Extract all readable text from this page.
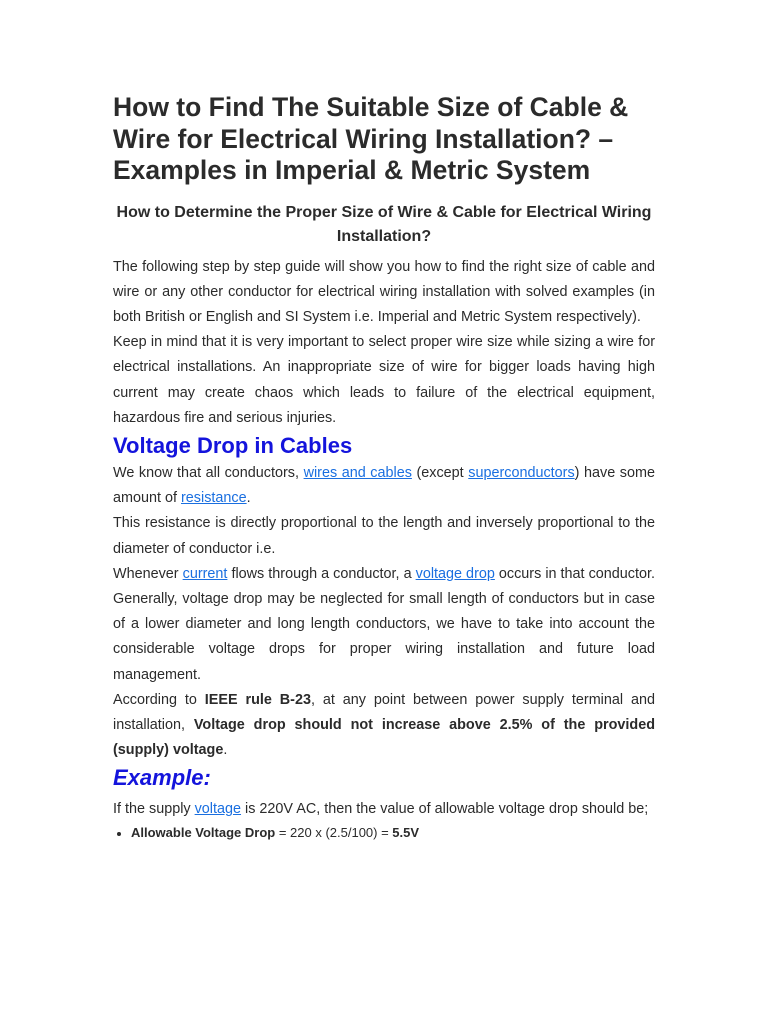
How to Find The Suitable Size of Cable & Wire for Electrical Wiring Installation? – Examples in Imperial & Metric System
How to Determine the Proper Size of Wire & Cable for Electrical Wiring Installation?

The following step by step guide will show you how to find the right size of cable and wire or any other conductor for electrical wiring installation with solved examples (in both British or English and SI System i.e. Imperial and Metric System respectively).

Keep in mind that it is very important to select proper wire size while sizing a wire for electrical installations. An inappropriate size of wire for bigger loads having high current may create chaos which leads to failure of the electrical equipment, hazardous fire and serious injuries.

Voltage Drop in Cables

We know that all conductors, wires and cables (except superconductors) have some amount of resistance.

This resistance is directly proportional to the length and inversely proportional to the diameter of conductor i.e.

Whenever current flows through a conductor, a voltage drop occurs in that conductor. Generally, voltage drop may be neglected for small length of conductors but in case of a lower diameter and long length conductors, we have to take into account the considerable voltage drops for proper wiring installation and future load management.

According to IEEE rule B-23, at any point between power supply terminal and installation, Voltage drop should not increase above 2.5% of the provided (supply) voltage.

Example:

If the supply voltage is 220V AC, then the value of allowable voltage drop should be;

• Allowable Voltage Drop = 220 x (2.5/100) = 5.5V
